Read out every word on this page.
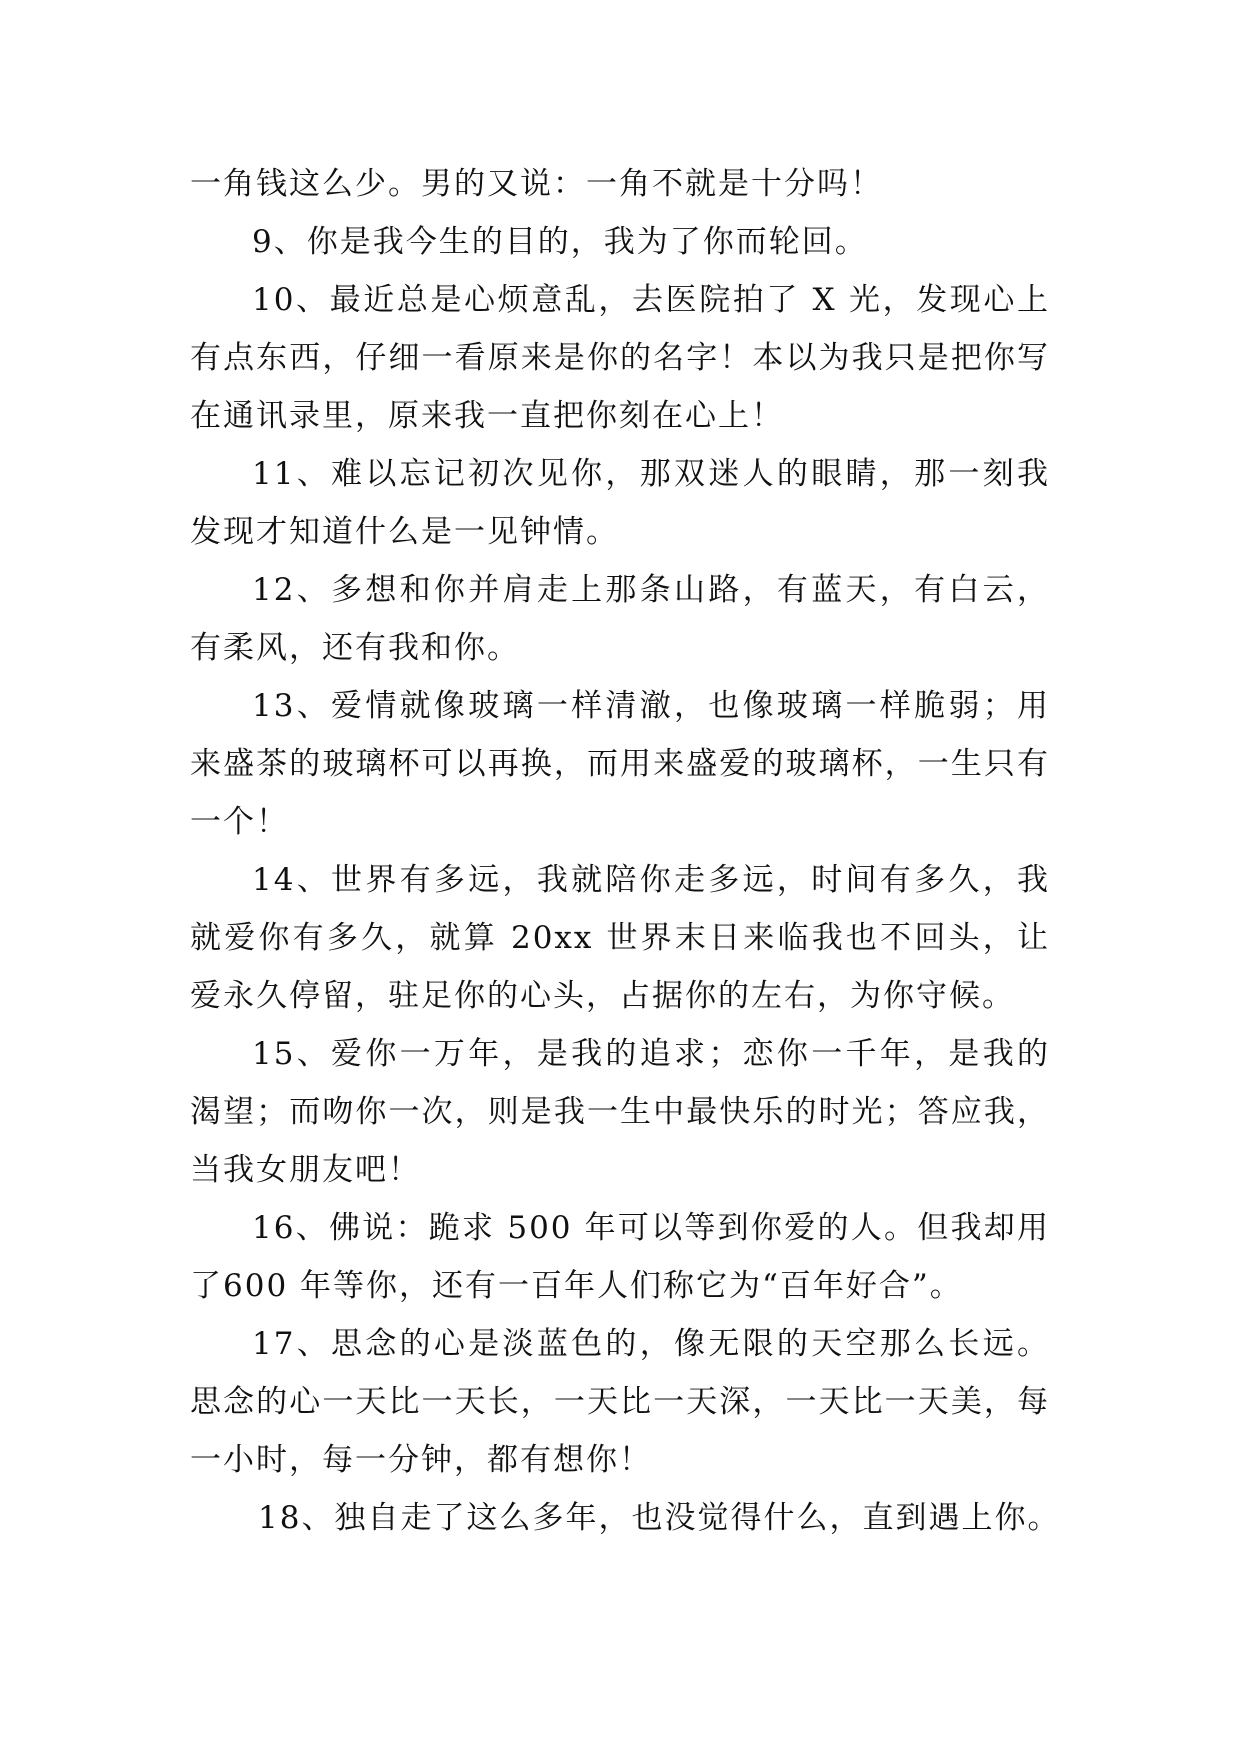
一角钱这么少。男的又说：一角不就是十分吗！

9、你是我今生的目的，我为了你而轮回。

10、最近总是心烦意乱，去医院拍了 X 光，发现心上有点东西，仔细一看原来是你的名字！本以为我只是把你写在通讯录里，原来我一直把你刻在心上！

11、难以忘记初次见你，那双迷人的眼睛，那一刻我发现才知道什么是一见钟情。

12、多想和你并肩走上那条山路，有蓝天，有白云，有柔风，还有我和你。

13、爱情就像玻璃一样清澈，也像玻璃一样脆弱；用来盛茶的玻璃杯可以再换，而用来盛爱的玻璃杯，一生只有一个！

14、世界有多远，我就陪你走多远，时间有多久，我就爱你有多久，就算 20xx 世界末日来临我也不回头，让爱永久停留，驻足你的心头，占据你的左右，为你守候。

15、爱你一万年，是我的追求；恋你一千年，是我的渴望；而吻你一次，则是我一生中最快乐的时光；答应我，当我女朋友吧！

16、佛说：跪求 500 年可以等到你爱的人。但我却用了600 年等你，还有一百年人们称它为“百年好合”。

17、思念的心是淡蓝色的，像无限的天空那么长远。思念的心一天比一天长，一天比一天深，一天比一天美，每一小时，每一分钟，都有想你！

18、独自走了这么多年，也没觉得什么，直到遇上你。
